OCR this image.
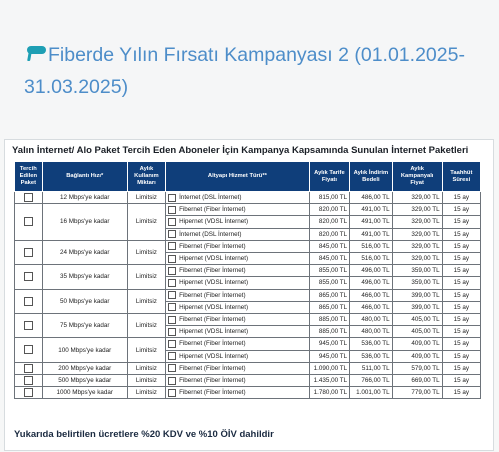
Fiberde Yılın Fırsatı Kampanyası 2 (01.01.2025-31.03.2025)
Yalın İnternet/ Alo Paket Tercih Eden Aboneler İçin Kampanya Kapsamında Sunulan İnternet Paketleri
Tercih Edilen Paket	Bağlantı Hızı*	Aylık Kullanım Miktarı	Altyapı Hizmet Türü**	Aylık Tarife Fiyatı	Aylık İndirim Bedeli	Aylık Kampanyalı Fiyat	Taahhüt Süresi
	12 Mbps'ye kadar	Limitsiz	İnternet (DSL İnternet)	815,00 TL	486,00 TL	329,00 TL	15 ay
	16 Mbps'ye kadar	Limitsiz	Fibernet (Fiber İnternet)	820,00 TL	491,00 TL	329,00 TL	15 ay

			Hipernet (VDSL İnternet)	820,00 TL	491,00 TL	329,00 TL	15 ay

			İnternet (DSL İnternet)	820,00 TL	491,00 TL	329,00 TL	15 ay
	24 Mbps'ye kadar	Limitsiz	Fibernet (Fiber İnternet)	845,00 TL	516,00 TL	329,00 TL	15 ay

			Hipernet (VDSL İnternet)	845,00 TL	516,00 TL	329,00 TL	15 ay
	35 Mbps'ye kadar	Limitsiz	Fibernet (Fiber İnternet)	855,00 TL	496,00 TL	359,00 TL	15 ay

			Hipernet (VDSL İnternet)	855,00 TL	496,00 TL	359,00 TL	15 ay
	50 Mbps'ye kadar	Limitsiz	Fibernet (Fiber İnternet)	865,00 TL	466,00 TL	399,00 TL	15 ay

			Hipernet (VDSL İnternet)	865,00 TL	466,00 TL	399,00 TL	15 ay
	75 Mbps'ye kadar	Limitsiz	Fibernet (Fiber İnternet)	885,00 TL	480,00 TL	405,00 TL	15 ay

			Hipernet (VDSL İnternet)	885,00 TL	480,00 TL	405,00 TL	15 ay
	100 Mbps'ye kadar	Limitsiz	Fibernet (Fiber İnternet)	945,00 TL	536,00 TL	409,00 TL	15 ay

			Hipernet (VDSL İnternet)	945,00 TL	536,00 TL	409,00 TL	15 ay
	200 Mbps'ye kadar	Limitsiz	Fibernet (Fiber İnternet)	1.090,00 TL	511,00 TL	579,00 TL	15 ay
	500 Mbps'ye kadar	Limitsiz	Fibernet (Fiber İnternet)	1.435,00 TL	766,00 TL	669,00 TL	15 ay
	1000 Mbps'ye kadar	Limitsiz	Fibernet (Fiber İnternet)	1.780,00 TL	1.001,00 TL	779,00 TL	15 ay
Yukarıda belirtilen ücretlere %20 KDV ve %10 ÖİV dahildir
